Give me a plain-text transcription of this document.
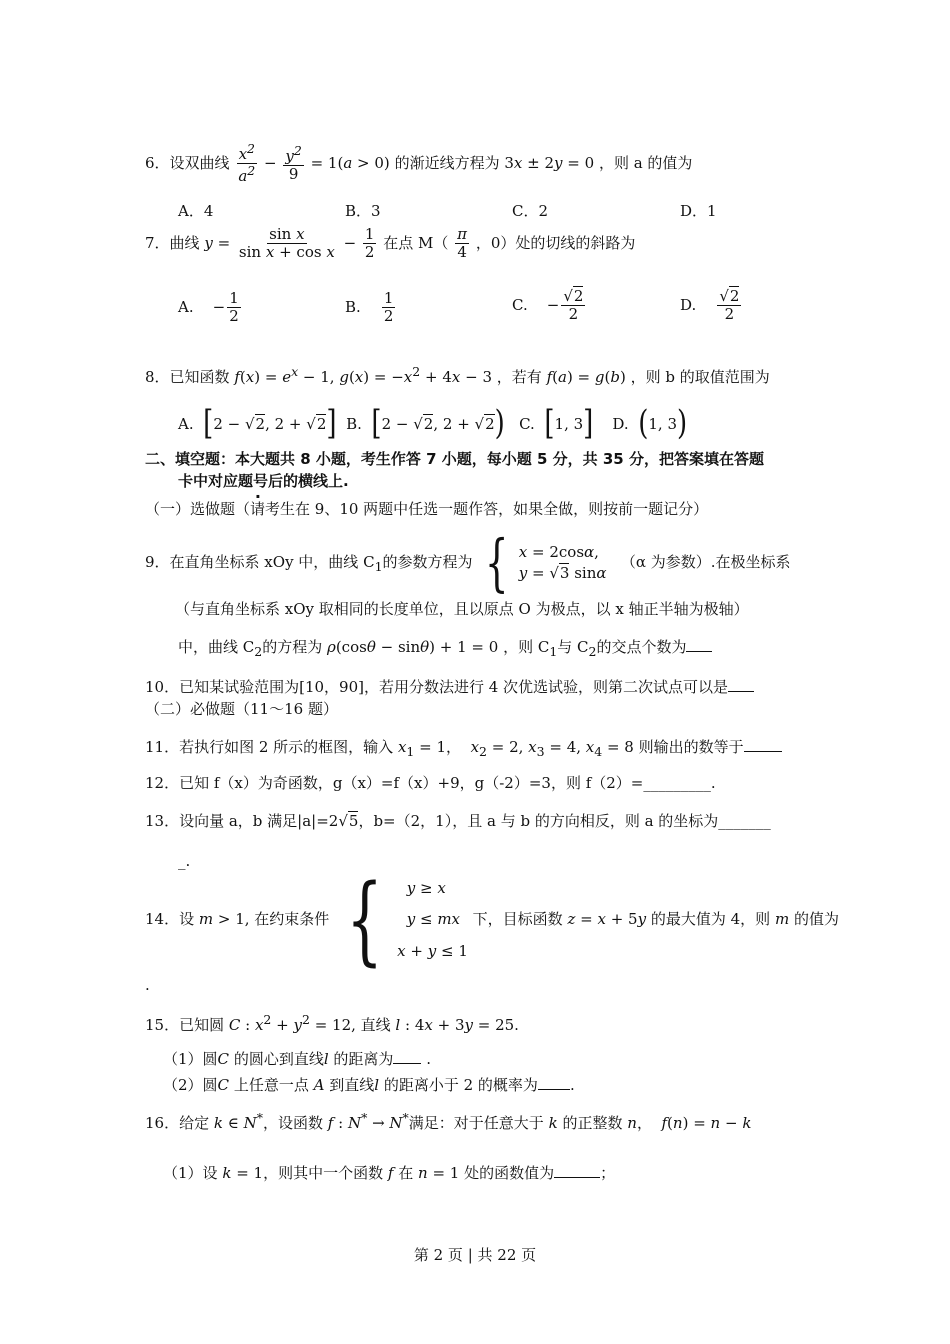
6．设双曲线 $\frac{x^2}{a^2} - \frac{y^2}{9} = 1(a > 0)$ 的渐近线方程为 3x ± 2y = 0 ，则 a 的值为
A．4	B．3	C．2	D．1
7．曲线 $y = \frac{\text{sin x}}{\text{sin x + cos x}} - \frac{1}{2}$ 在点 $M( \frac{\pi}{4}$ ，0）处的切线的斜路为
A.    − $\frac{1}{2}$	B. $\frac{1}{2}$	C.    − $\frac{√2}{2}$	D. $\frac{√2}{2}$
8．已知函数 $f(x) = e^x - 1$, $g(x) = -x^2 + 4x - 3$ ，若有 f(a) = g(b) ，则 b 的取值范围为
A. [2 − √2, 2 + √2] B. [2 − √2, 2 + √2) C. [1, 3] D. (1, 3)
二、填空题：本大题共 8 小题，考生作答 7 小题，每小题 5 分，共 35 分，把答案填在答题
卡中对应题号后的横线上. ·
（一）选做题（请考生在 9、10 两题中任选一题作答，如果全做，则按前一题记分）
9．在直角坐标系 xOy 中，曲线 $C_1$的参数方程为 { x = 2cosα,
y = √3 sinα
（α 为参数）.在极坐标系
（与直角坐标系 xOy 取相同的长度单位，且以原点 O 为极点，以 x 轴正半轴为极轴）
中，曲线 $C_2$的方程为 ρ(cosθ − sinθ) + 1 = 0 ，则 $C_1$与 $C_2$的交点个数为
10．已知某试验范围为[10，90]，若用分数法进行 4 次优选试验，则第二次试点可以是
（二）必做题（11～16 题）
11．若执行如图 2 所示的框图，输入 $x_1 = 1$，  $x_2 = 2$, $x_3 = 4$, $x_4 = 8$ 则输出的数等于
12．已知 f（x）为奇函数，g（x）=f（x）+9，g（-2）=3，则 f（2）=_________.
13．设向量 a，b 满足|a|=2√5，b=（2，1），且 a 与 b 的方向相反，则 a 的坐标为_______
_.
14．设 m > 1, 在约束条件 {	y ≥ x
y ≤ mx
x + y ≤ 1
下，目标函数 z = x + 5y 的最大值为 4，则 m 的值为
.
15．已知圆 C : $x^2 + y^2 = 12$, 直线 l : 4x + 3y = 25.
（1）圆C 的圆心到直线l 的距离为 .
（2）圆C 上任意一点 A 到直线l 的距离小于 2 的概率为 .
16．给定 k ∈ N*，设函数 f : N* → N*满足：对于任意大于 k 的正整数 n，  f(n) = n − k
（1）设 k = 1，则其中一个函数 f 在 n = 1 处的函数值为	；
第 2 页 | 共 22 页
